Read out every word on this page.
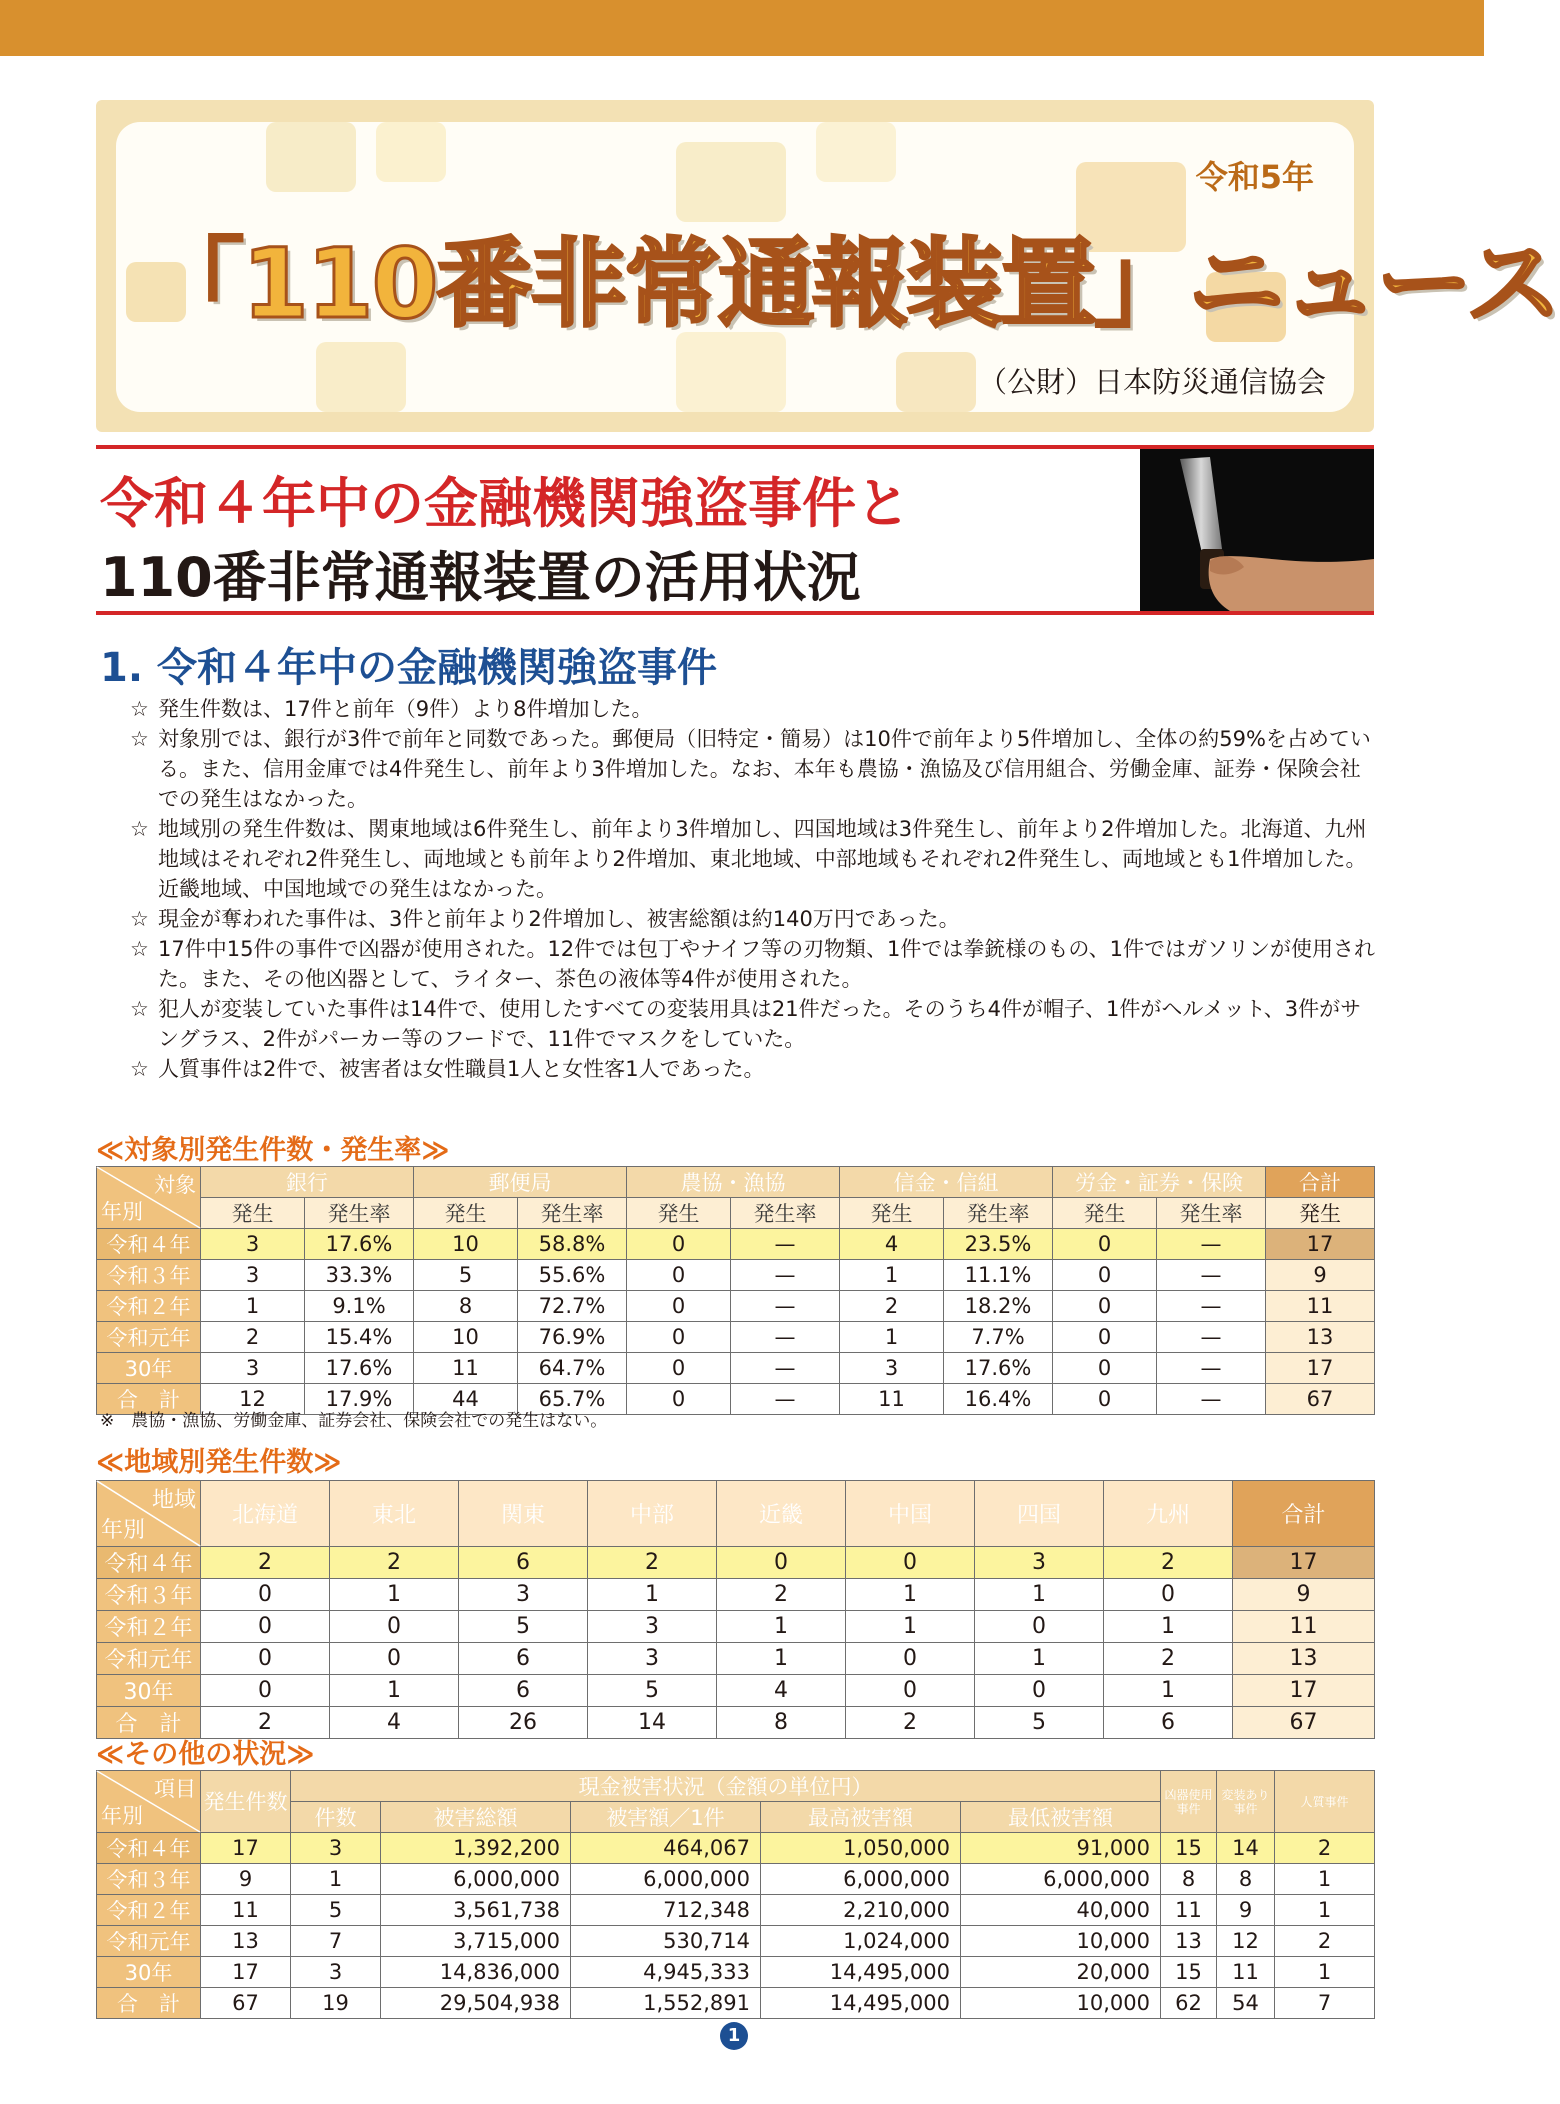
令和5年
「110番非常通報装置」ニュース
（公財）日本防災通信協会
令和４年中の金融機関強盗事件と
110番非常通報装置の活用状況
1. 令和４年中の金融機関強盗事件
☆ 発生件数は、17件と前年（9件）より8件増加した。
☆ 対象別では、銀行が3件で前年と同数であった。郵便局（旧特定・簡易）は10件で前年より5件増加し、全体の約59%を占めている。また、信用金庫では4件発生し、前年より3件増加した。なお、本年も農協・漁協及び信用組合、労働金庫、証券・保険会社での発生はなかった。
☆ 地域別の発生件数は、関東地域は6件発生し、前年より3件増加し、四国地域は3件発生し、前年より2件増加した。北海道、九州地域はそれぞれ2件発生し、両地域とも前年より2件増加、東北地域、中部地域もそれぞれ2件発生し、両地域とも1件増加した。近畿地域、中国地域での発生はなかった。
☆ 現金が奪われた事件は、3件と前年より2件増加し、被害総額は約140万円であった。
☆ 17件中15件の事件で凶器が使用された。12件では包丁やナイフ等の刃物類、1件では拳銃様のもの、1件ではガソリンが使用された。また、その他凶器として、ライター、茶色の液体等4件が使用された。
☆ 犯人が変装していた事件は14件で、使用したすべての変装用具は21件だった。そのうち4件が帽子、1件がヘルメット、3件がサングラス、2件がパーカー等のフードで、11件でマスクをしていた。
☆ 人質事件は2件で、被害者は女性職員1人と女性客1人であった。
≪対象別発生件数・発生率≫
対象
年別	銀行		郵便局		農協・漁協		信金・信組		労金・証券・保険		合計
	発生	発生率	発生	発生率	発生	発生率	発生	発生率	発生	発生率	発生
令和４年	3	17.6%	10	58.8%	0	—	4	23.5%	0	—	17
令和３年	3	33.3%	5	55.6%	0	—	1	11.1%	0	—	9
令和２年	1	9.1%	8	72.7%	0	—	2	18.2%	0	—	11
令和元年	2	15.4%	10	76.9%	0	—	1	7.7%	0	—	13
30年	3	17.6%	11	64.7%	0	—	3	17.6%	0	—	17
合　計	12	17.9%	44	65.7%	0	—	11	16.4%	0	—	67
※　農協・漁協、労働金庫、証券会社、保険会社での発生はない。
≪地域別発生件数≫
地域
年別	北海道	東北	関東	中部	近畿	中国	四国	九州	合計
令和４年	2	2	6	2	0	0	3	2	17
令和３年	0	1	3	1	2	1	1	0	9
令和２年	0	0	5	3	1	1	0	1	11
令和元年	0	0	6	3	1	0	1	2	13
30年	0	1	6	5	4	0	0	1	17
合　計	2	4	26	14	8	2	5	6	67
≪その他の状況≫
項目
年別	発生件数	現金被害状況（金額の単位円）					凶器使用事件	変装あり事件	人質事件
		件数	被害総額	被害額／1件	最高被害額	最低被害額			
令和４年	17	3	1,392,200	464,067	1,050,000	91,000	15	14	2
令和３年	9	1	6,000,000	6,000,000	6,000,000	6,000,000	8	8	1
令和２年	11	5	3,561,738	712,348	2,210,000	40,000	11	9	1
令和元年	13	7	3,715,000	530,714	1,024,000	10,000	13	12	2
30年	17	3	14,836,000	4,945,333	14,495,000	20,000	15	11	1
合　計	67	19	29,504,938	1,552,891	14,495,000	10,000	62	54	7
1
